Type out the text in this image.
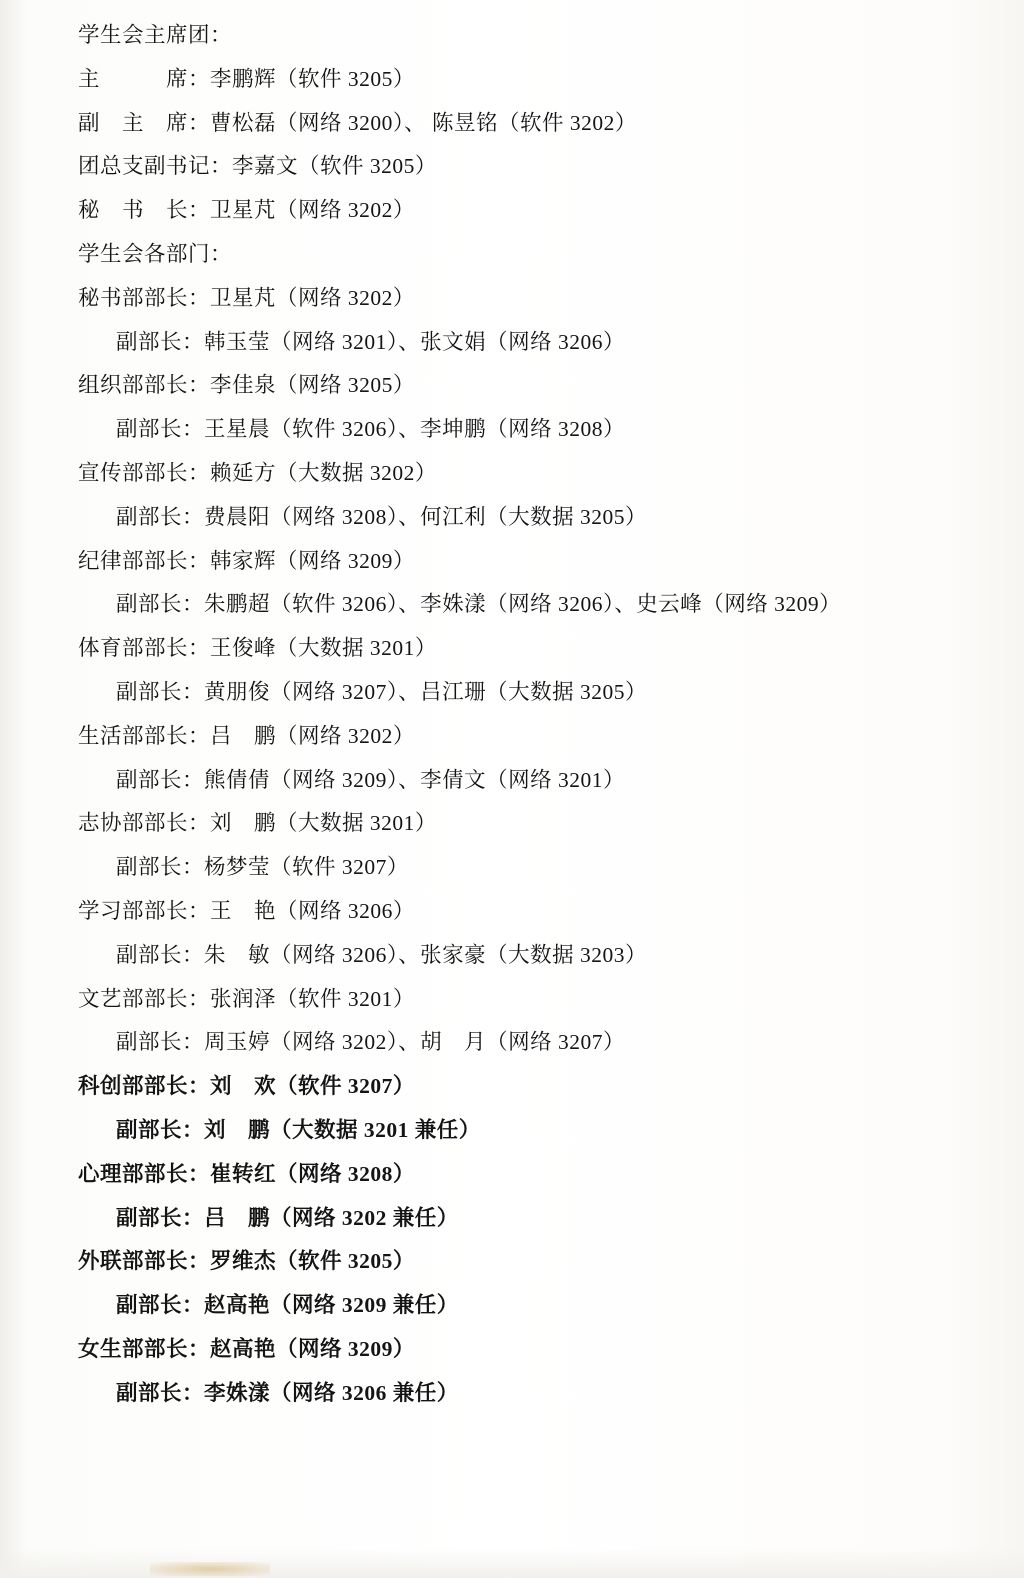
学生会主席团：
主　　　席：李鹏辉（软件 3205）
副　主　席：曹松磊（网络 3200）、 陈昱铭（软件 3202）
团总支副书记：李嘉文（软件 3205）
秘　书　长：卫星芃（网络 3202）
学生会各部门：
秘书部部长：卫星芃（网络 3202）
副部长：韩玉莹（网络 3201）、张文娟（网络 3206）
组织部部长：李佳泉（网络 3205）
副部长：王星晨（软件 3206）、李坤鹏（网络 3208）
宣传部部长：赖延方（大数据 3202）
副部长：费晨阳（网络 3208）、何江利（大数据 3205）
纪律部部长：韩家辉（网络 3209）
副部长：朱鹏超（软件 3206）、李姝漾（网络 3206）、史云峰（网络 3209）
体育部部长：王俊峰（大数据 3201）
副部长：黄朋俊（网络 3207）、吕江珊（大数据 3205）
生活部部长：吕　鹏（网络 3202）
副部长：熊倩倩（网络 3209）、李倩文（网络 3201）
志协部部长：刘　鹏（大数据 3201）
副部长：杨梦莹（软件 3207）
学习部部长：王　艳（网络 3206）
副部长：朱　敏（网络 3206）、张家豪（大数据 3203）
文艺部部长：张润泽（软件 3201）
副部长：周玉婷（网络 3202）、胡　月（网络 3207）
科创部部长：刘　欢（软件 3207）
副部长：刘　鹏（大数据 3201 兼任）
心理部部长：崔转红（网络 3208）
副部长：吕　鹏（网络 3202 兼任）
外联部部长：罗维杰（软件 3205）
副部长：赵高艳（网络 3209 兼任）
女生部部长：赵高艳（网络 3209）
副部长：李姝漾（网络 3206 兼任）
